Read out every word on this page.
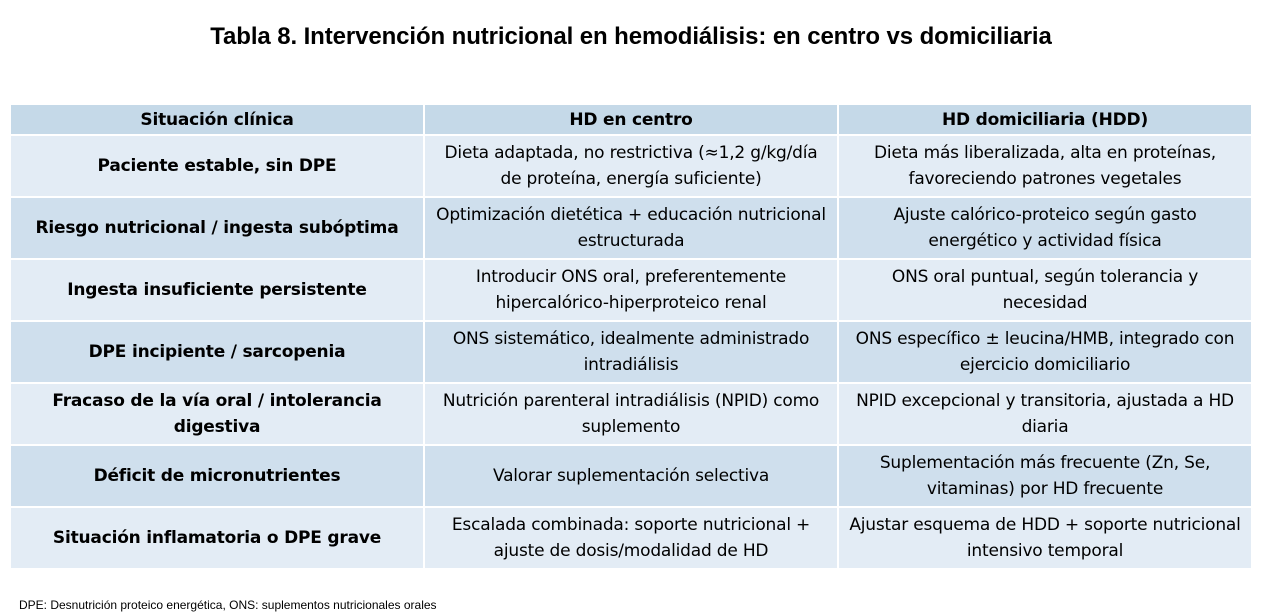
Tabla 8. Intervención nutricional en hemodiálisis: en centro vs domiciliaria
Situación clínica	HD en centro	HD domiciliaria (HDD)
Paciente estable, sin DPE	Dieta adaptada, no restrictiva (≈1,2 g/kg/día de proteína, energía suficiente)	Dieta más liberalizada, alta en proteínas, favoreciendo patrones vegetales
Riesgo nutricional / ingesta subóptima	Optimización dietética + educación nutricional estructurada	Ajuste calórico-proteico según gasto energético y actividad física
Ingesta insuficiente persistente	Introducir ONS oral, preferentemente hipercalórico-hiperproteico renal	ONS oral puntual, según tolerancia y necesidad
DPE incipiente / sarcopenia	ONS sistemático, idealmente administrado intradiálisis	ONS específico ± leucina/HMB, integrado con ejercicio domiciliario
Fracaso de la vía oral / intolerancia digestiva	Nutrición parenteral intradiálisis (NPID) como suplemento	NPID excepcional y transitoria, ajustada a HD diaria
Déficit de micronutrientes	Valorar suplementación selectiva	Suplementación más frecuente (Zn, Se, vitaminas) por HD frecuente
Situación inflamatoria o DPE grave	Escalada combinada: soporte nutricional + ajuste de dosis/modalidad de HD	Ajustar esquema de HDD + soporte nutricional intensivo temporal
DPE: Desnutrición proteico energética, ONS: suplementos nutricionales orales
